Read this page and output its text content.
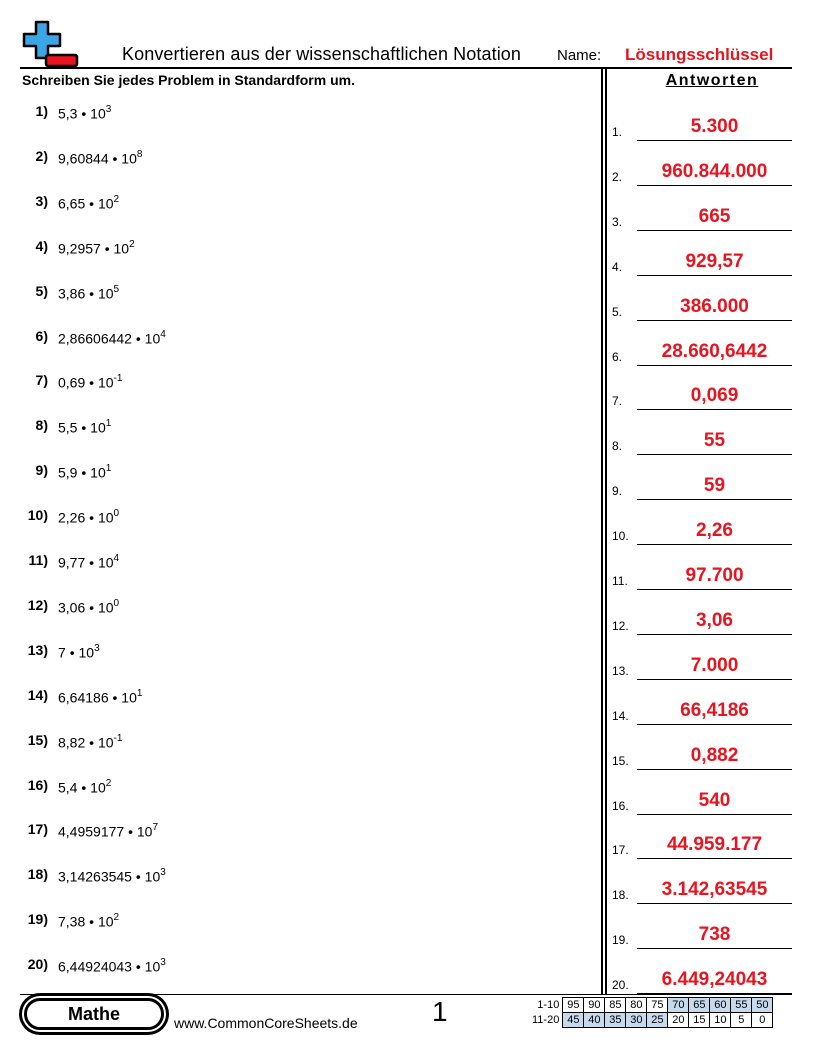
Konvertieren aus der wissenschaftlichen Notation Name: Lösungsschlüssel
Schreiben Sie jedes Problem in Standardform um.	Antworten
1) 5,3 • $10^3$
2) 9,60844 • $10^8$
3) 6,65 • $10^2$
4) 9,2957 • $10^2$
5) 3,86 • $10^5$
6) 2,86606442 • $10^4$
7) 0,69 • $10^{-1}$
8) 5,5 • $10^1$
9) 5,9 • $10^1$
10) 2,26 • $10^0$
11) 9,77 • $10^4$
12) 3,06 • $10^0$
13) 7 • $10^3$
14) 6,64186 • $10^1$
15) 8,82 • $10^{-1}$
16) 5,4 • $10^2$
17) 4,4959177 • $10^7$
18) 3,14263545 • $10^3$
19) 7,38 • $10^2$
20) 6,44924043 • $10^3$
1.	5.300
2.	960.844.000
3.	665
4.	929,57
5.	386.000
6.	28.660,6442
7.	0,069
8.	55
9.	59
10.	2,26
11.	97.700
12.	3,06
13.	7.000
14.	66,4186
15.	0,882
16.	540
17.	44.959.177
18.	3.142,63545
19.	738
20.	6.449,24043
Mathe	www.CommonCoreSheets.de	1	1-10	95	90	85	80	75	70	65	60	55	50
11-20	45	40	35	30	25	20	15	10	5	0
